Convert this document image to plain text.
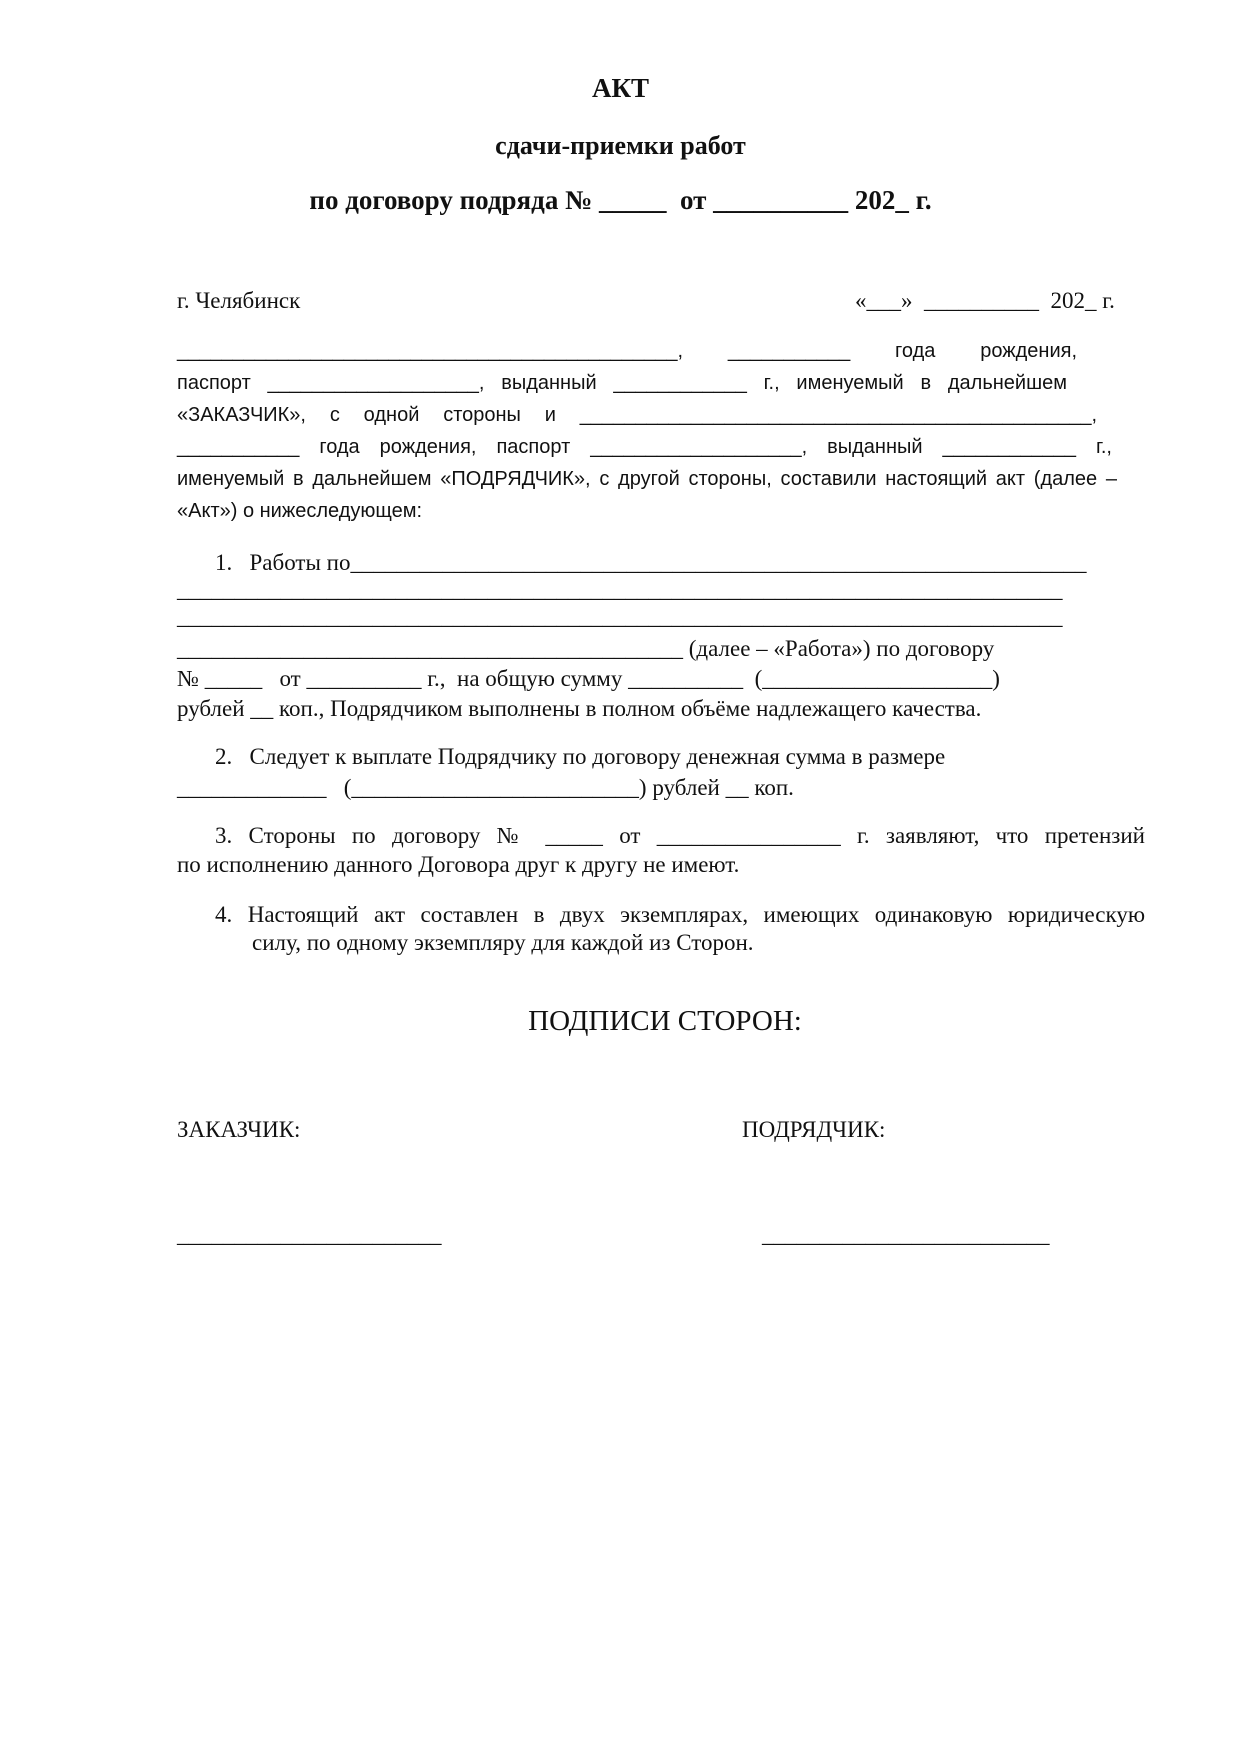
АКТ
сдачи-приемки работ
по договору подряда № _____  от __________ 202_ г.
г. Челябинск	«___»  __________  202_ г.
_____________________________________________, ___________ года рождения,
паспорт ___________________, выданный ____________ г., именуемый в дальнейшем
«ЗАКАЗЧИК», с одной стороны и ______________________________________________,
___________ года рождения, паспорт ___________________, выданный ____________ г.,
именуемый в дальнейшем «ПОДРЯДЧИК», с другой стороны, составили настоящий акт (далее –
«Акт») о нижеследующем:
1.   Работы по________________________________________________________________
_____________________________________________________________________________
_____________________________________________________________________________
____________________________________________ (далее – «Работа») по договору
№ _____   от __________ г.,  на общую сумму __________  (____________________)
рублей __ коп., Подрядчиком выполнены в полном объёме надлежащего качества.
2.   Следует к выплате Подрядчику по договору денежная сумма в размере
_____________   (_________________________) рублей __ коп.
3. Стороны по договору № _____ от ________________ г. заявляют, что претензий
по исполнению данного Договора друг к другу не имеют.
4. Настоящий акт составлен в двух экземплярах, имеющих одинаковую юридическую
силу, по одному экземпляру для каждой из Сторон.
ПОДПИСИ СТОРОН:
ЗАКАЗЧИК:	ПОДРЯДЧИК:
_______________________	_________________________
